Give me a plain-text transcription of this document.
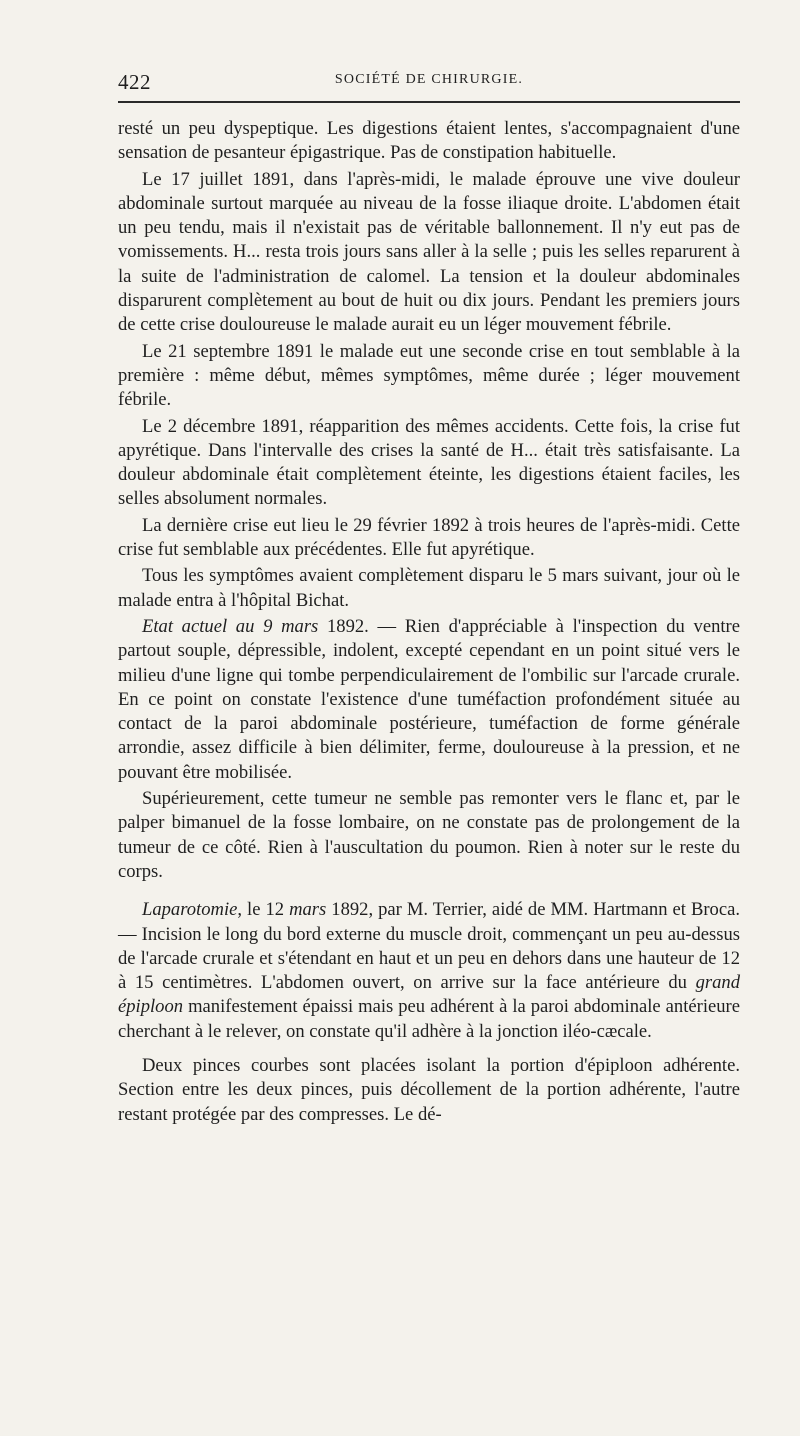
422	SOCIÉTÉ DE CHIRURGIE.

resté un peu dyspeptique. Les digestions étaient lentes, s'accompagnaient d'une sensation de pesanteur épigastrique. Pas de constipation habituelle.

Le 17 juillet 1891, dans l'après-midi, le malade éprouve une vive douleur abdominale surtout marquée au niveau de la fosse iliaque droite. L'abdomen était un peu tendu, mais il n'existait pas de véritable ballonnement. Il n'y eut pas de vomissements. H... resta trois jours sans aller à la selle ; puis les selles reparurent à la suite de l'administration de calomel. La tension et la douleur abdominales disparurent complètement au bout de huit ou dix jours. Pendant les premiers jours de cette crise douloureuse le malade aurait eu un léger mouvement fébrile.

Le 21 septembre 1891 le malade eut une seconde crise en tout semblable à la première : même début, mêmes symptômes, même durée ; léger mouvement fébrile.

Le 2 décembre 1891, réapparition des mêmes accidents. Cette fois, la crise fut apyrétique. Dans l'intervalle des crises la santé de H... était très satisfaisante. La douleur abdominale était complètement éteinte, les digestions étaient faciles, les selles absolument normales.

La dernière crise eut lieu le 29 février 1892 à trois heures de l'après-midi. Cette crise fut semblable aux précédentes. Elle fut apyrétique.

Tous les symptômes avaient complètement disparu le 5 mars suivant, jour où le malade entra à l'hôpital Bichat.

Etat actuel au 9 mars 1892. — Rien d'appréciable à l'inspection du ventre partout souple, dépressible, indolent, excepté cependant en un point situé vers le milieu d'une ligne qui tombe perpendiculairement de l'ombilic sur l'arcade crurale. En ce point on constate l'existence d'une tuméfaction profondément située au contact de la paroi abdominale postérieure, tuméfaction de forme générale arrondie, assez difficile à bien délimiter, ferme, douloureuse à la pression, et ne pouvant être mobilisée.

Supérieurement, cette tumeur ne semble pas remonter vers le flanc et, par le palper bimanuel de la fosse lombaire, on ne constate pas de prolongement de la tumeur de ce côté. Rien à l'auscultation du poumon. Rien à noter sur le reste du corps.

Laparotomie, le 12 mars 1892, par M. Terrier, aidé de MM. Hartmann et Broca. — Incision le long du bord externe du muscle droit, commençant un peu au-dessus de l'arcade crurale et s'étendant en haut et un peu en dehors dans une hauteur de 12 à 15 centimètres. L'abdomen ouvert, on arrive sur la face antérieure du grand épiploon manifestement épaissi mais peu adhérent à la paroi abdominale antérieure cherchant à le relever, on constate qu'il adhère à la jonction iléo-cæcale.

Deux pinces courbes sont placées isolant la portion d'épiploon adhérente. Section entre les deux pinces, puis décollement de la portion adhérente, l'autre restant protégée par des compresses. Le dé-
